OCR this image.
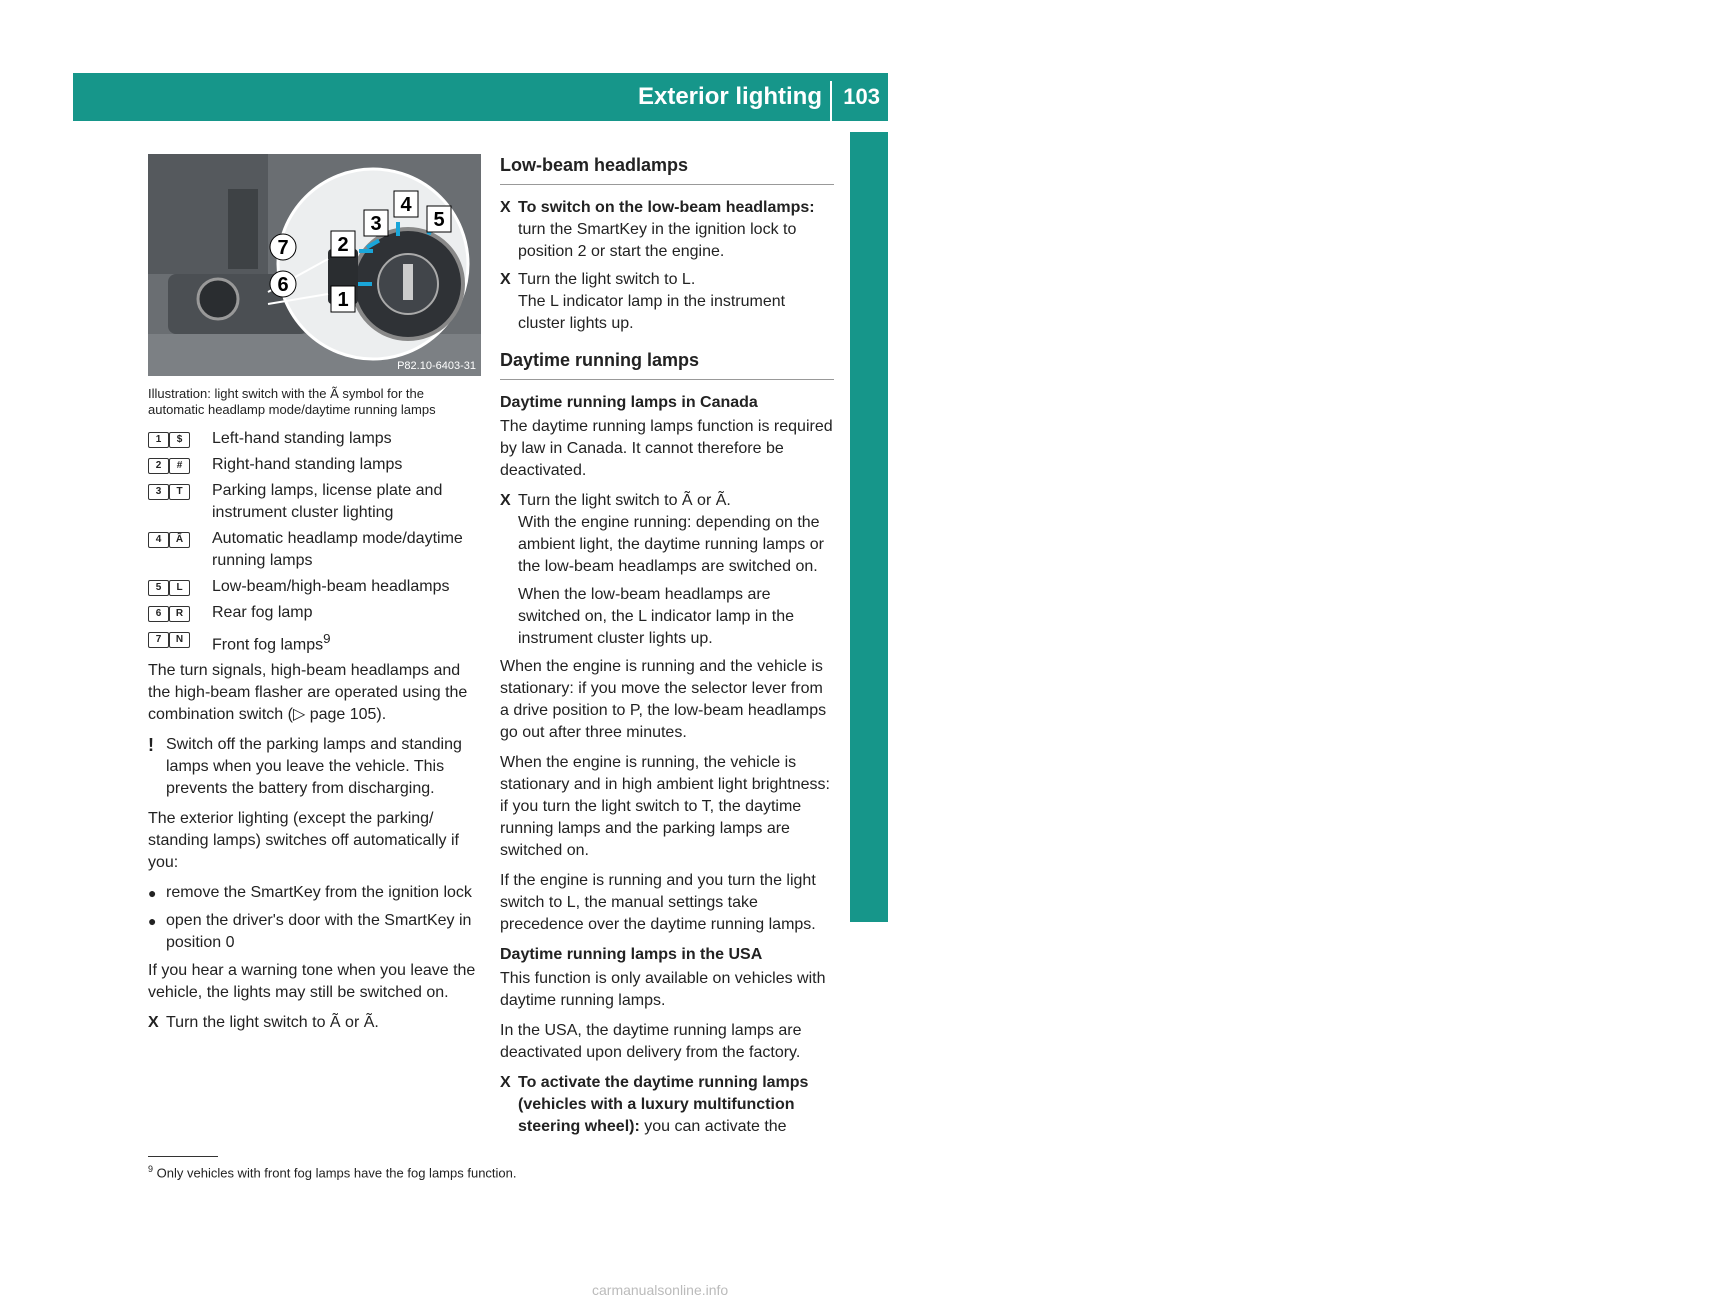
Exterior lighting 103
Lights and windshield wipers
1
2
3
4
5
6
7
P82.10-6403-31
Illustration: light switch with the Ã symbol for the automatic headlamp mode/daytime running lamps
1 $	Left-hand standing lamps
2 #	Right-hand standing lamps
3 T	Parking lamps, license plate and instrument cluster lighting
4 Ã	Automatic headlamp mode/daytime running lamps
5 L	Low-beam/high-beam headlamps
6 R	Rear fog lamp
7 N	Front fog lamps$^9$

The turn signals, high-beam headlamps and the high-beam flasher are operated using the combination switch (▷ page 105).

! Switch off the parking lamps and standing lamps when you leave the vehicle. This prevents the battery from discharging.

The exterior lighting (except the parking/ standing lamps) switches off automatically if you:

● remove the SmartKey from the ignition lock
● open the driver's door with the SmartKey in position 0

If you hear a warning tone when you leave the vehicle, the lights may still be switched on.

X Turn the light switch to Ã or Ã.
Low-beam headlamps
X To switch on the low-beam headlamps: turn the SmartKey in the ignition lock to position 2 or start the engine.
X Turn the light switch to L.
The L indicator lamp in the instrument cluster lights up.
Daytime running lamps
Daytime running lamps in Canada

The daytime running lamps function is required by law in Canada. It cannot therefore be deactivated.

X Turn the light switch to Ã or Ã.
With the engine running: depending on the ambient light, the daytime running lamps or the low-beam headlamps are switched on.

When the low-beam headlamps are switched on, the L indicator lamp in the instrument cluster lights up.

When the engine is running and the vehicle is stationary: if you move the selector lever from a drive position to P, the low-beam headlamps go out after three minutes.

When the engine is running, the vehicle is stationary and in high ambient light brightness: if you turn the light switch to T, the daytime running lamps and the parking lamps are switched on.

If the engine is running and you turn the light switch to L, the manual settings take precedence over the daytime running lamps.

Daytime running lamps in the USA

This function is only available on vehicles with daytime running lamps.

In the USA, the daytime running lamps are deactivated upon delivery from the factory.

X To activate the daytime running lamps (vehicles with a luxury multifunction steering wheel): you can activate the
$^9$ Only vehicles with front fog lamps have the fog lamps function.
carmanualsonline.info
